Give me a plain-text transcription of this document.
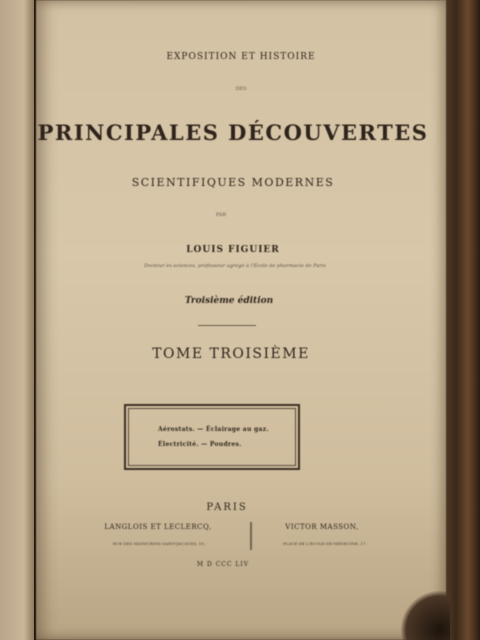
EXPOSITION ET HISTOIRE
DES
PRINCIPALES DÉCOUVERTES
SCIENTIFIQUES MODERNES
PAR
LOUIS FIGUIER
Docteur ès-sciences, professeur agrégé à l'École de pharmacie de Paris
Troisième édition
TOME TROISIÈME
Aérostats. — Éclairage au gaz.
Électricité. — Poudres.
PARIS
LANGLOIS ET LECLERCQ,	VICTOR MASSON,
RUE DES MATHURINS-SAINT-JACQUES, 10;	PLACE DE L'ÉCOLE-DE-MÉDECINE, 17.
M D CCC LIV
